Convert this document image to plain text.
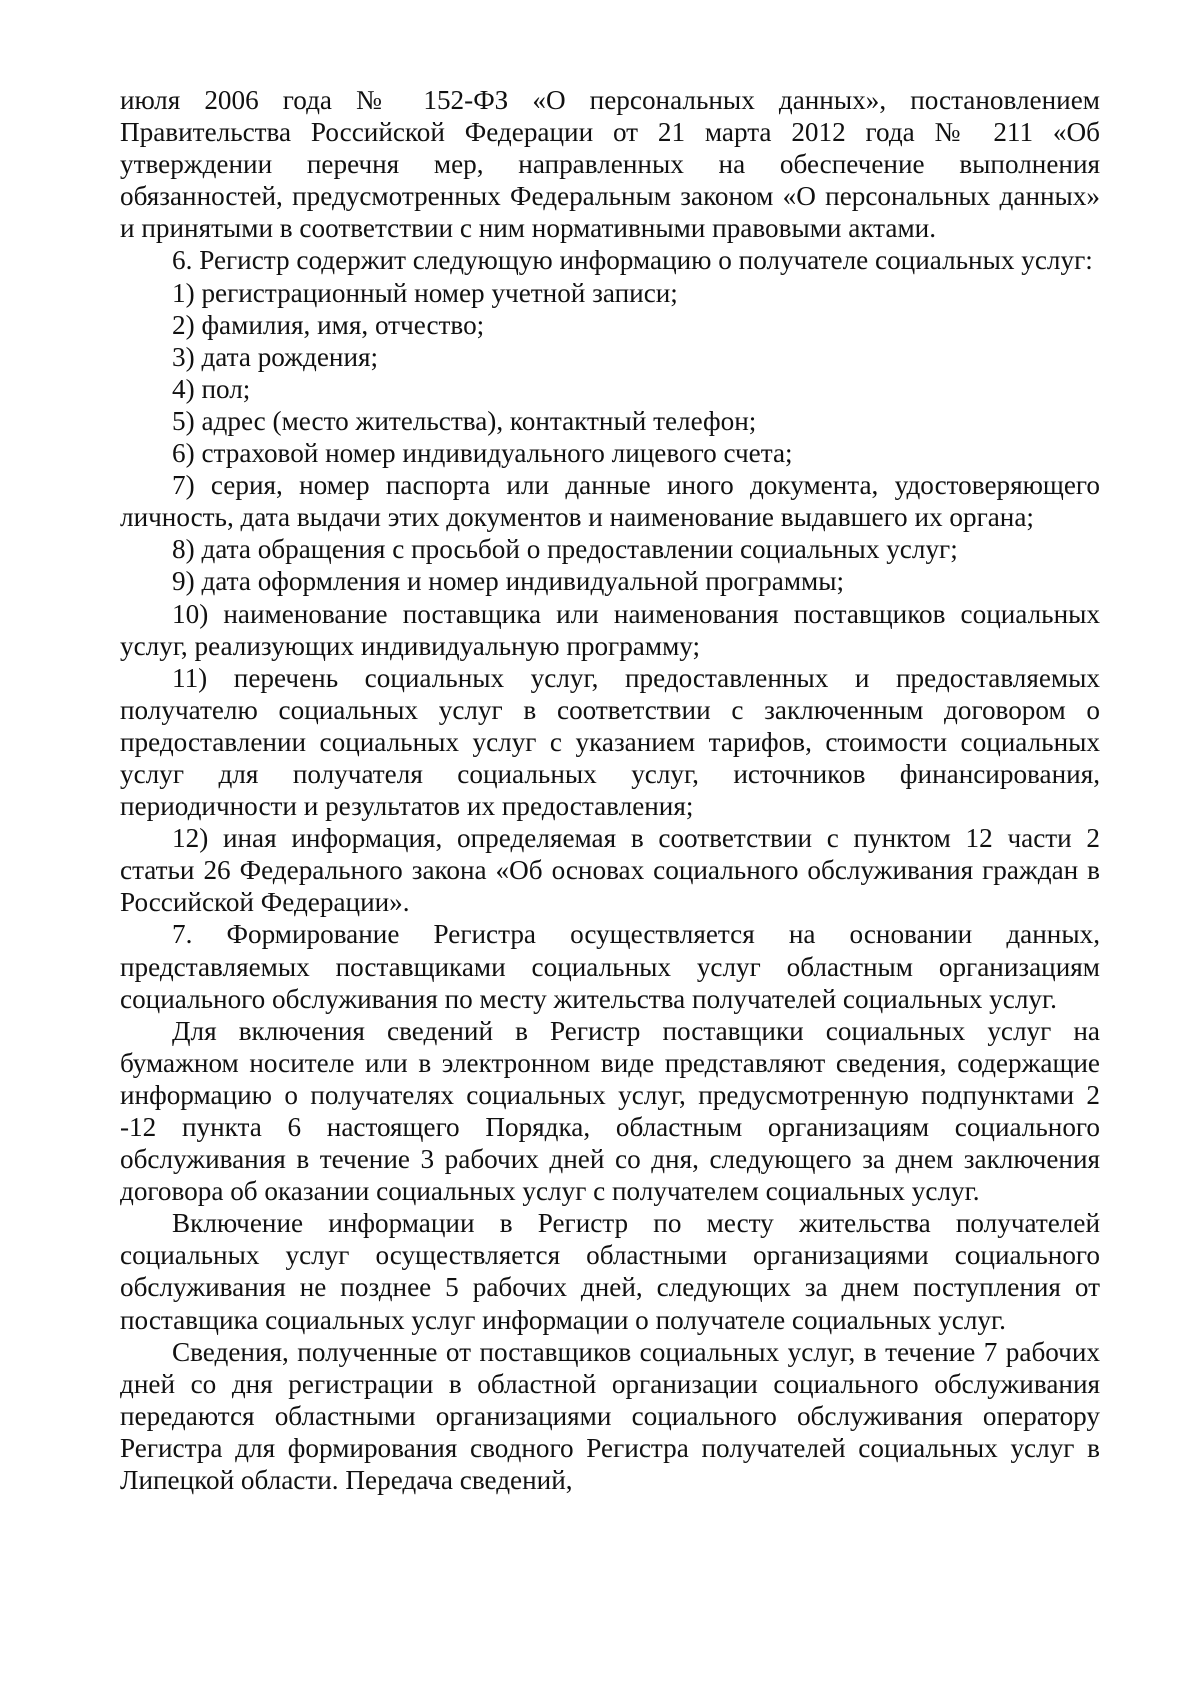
июля 2006 года № 152-ФЗ «О персональных данных», постановлением Правительства Российской Федерации от 21 марта 2012 года № 211 «Об утверждении перечня мер, направленных на обеспечение выполнения обязанностей, предусмотренных Федеральным законом «О персональных данных» и принятыми в соответствии с ним нормативными правовыми актами.

6. Регистр содержит следующую информацию о получателе социальных услуг:

1) регистрационный номер учетной записи;

2) фамилия, имя, отчество;

3) дата рождения;

4) пол;

5) адрес (место жительства), контактный телефон;

6) страховой номер индивидуального лицевого счета;

7) серия, номер паспорта или данные иного документа, удостоверяющего личность, дата выдачи этих документов и наименование выдавшего их органа;

8) дата обращения с просьбой о предоставлении социальных услуг;

9) дата оформления и номер индивидуальной программы;

10) наименование поставщика или наименования поставщиков социальных услуг, реализующих индивидуальную программу;

11) перечень социальных услуг, предоставленных и предоставляемых получателю социальных услуг в соответствии с заключенным договором о предоставлении социальных услуг с указанием тарифов, стоимости социальных услуг для получателя социальных услуг, источников финансирования, периодичности и результатов их предоставления;

12) иная информация, определяемая в соответствии с пунктом 12 части 2 статьи 26 Федерального закона «Об основах социального обслуживания граждан в Российской Федерации».

7. Формирование Регистра осуществляется на основании данных, представляемых поставщиками социальных услуг областным организациям социального обслуживания по месту жительства получателей социальных услуг.

Для включения сведений в Регистр поставщики социальных услуг на бумажном носителе или в электронном виде представляют сведения, содержащие информацию о получателях социальных услуг, предусмотренную подпунктами 2 -12 пункта 6 настоящего Порядка, областным организациям социального обслуживания в течение 3 рабочих дней со дня, следующего за днем заключения договора об оказании социальных услуг с получателем социальных услуг.

Включение информации в Регистр по месту жительства получателей социальных услуг осуществляется областными организациями социального обслуживания не позднее 5 рабочих дней, следующих за днем поступления от поставщика социальных услуг информации о получателе социальных услуг.

Сведения, полученные от поставщиков социальных услуг, в течение 7 рабочих дней со дня регистрации в областной организации социального обслуживания передаются областными организациями социального обслуживания оператору Регистра для формирования сводного Регистра получателей социальных услуг в Липецкой области. Передача сведений,
